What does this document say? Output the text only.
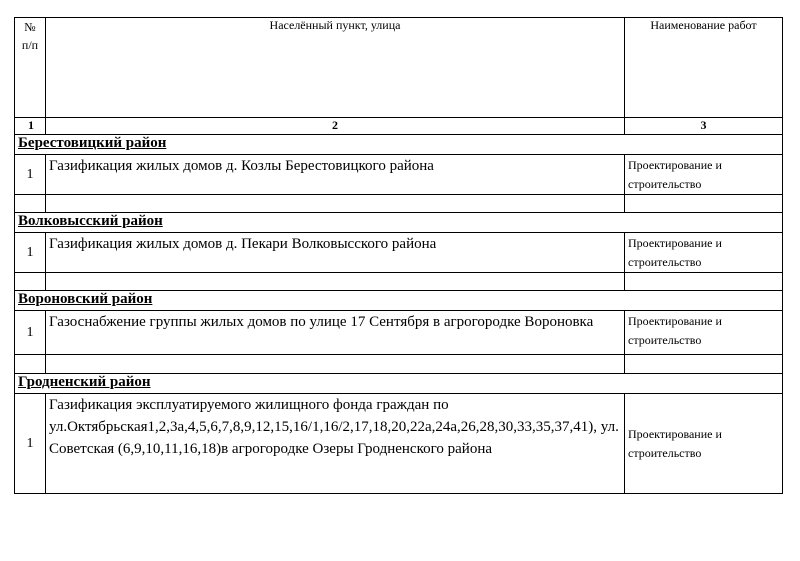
№ п/п	Населённый пункт, улица	Наименование работ
1	2	3
Берестовицкий район		
1	Газификация жилых домов д. Козлы Берестовицкого района	Проектирование и строительство

Волковысский район		
1	Газификация жилых домов д. Пекари Волковысского района	Проектирование и строительство

Вороновский район		
1	Газоснабжение группы жилых домов по улице 17 Сентября в агрогородке Вороновка	Проектирование и строительство

Гродненский район		
1	Газификация эксплуатируемого жилищного фонда граждан по ул.Октябрьская1,2,3а,4,5,6,7,8,9,12,15,16/1,16/2,17,18,20,22а,24а,26,28,30,33,35,37,41), ул. Советская (6,9,10,11,16,18)в агрогородке Озеры Гродненского района	Проектирование и строительство
